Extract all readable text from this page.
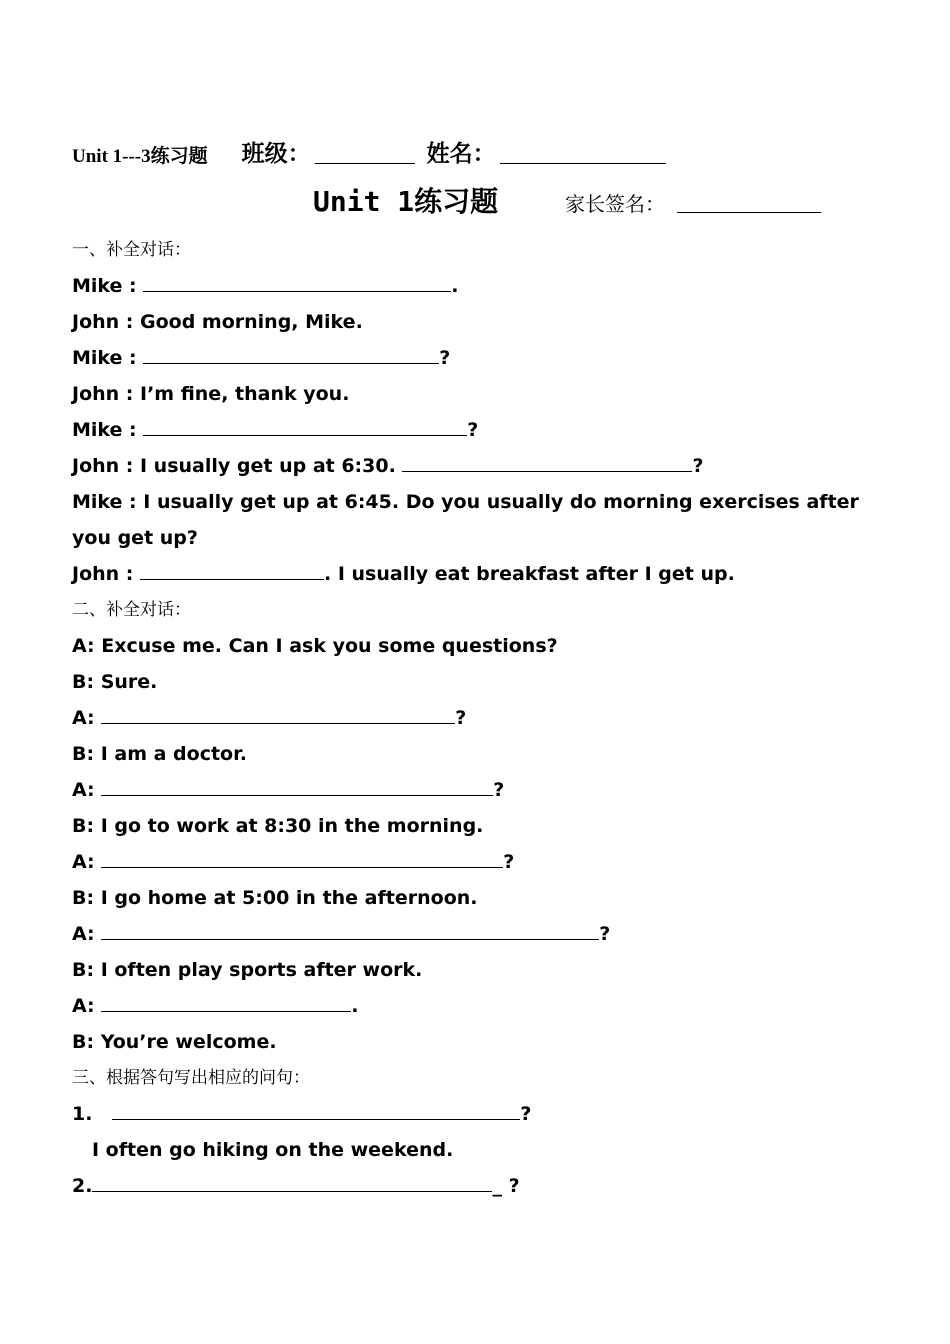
Unit 1---3练习题 班级：	姓名：
Unit 1练习题	家长签名：
一、补全对话：
Mike :	.
John : Good morning, Mike.
Mike :	?
John : I’m fine, thank you.
Mike :	?
John : I usually get up at 6:30.	?
Mike : I usually get up at 6:45. Do you usually do morning exercises after you get up?
John :	. I usually eat breakfast after I get up.
二、补全对话：
A: Excuse me. Can I ask you some questions?
B: Sure.
A:	?
B: I am a doctor.
A:	?
B: I go to work at 8:30 in the morning.
A:	?
B: I go home at 5:00 in the afternoon.
A:	?
B: I often play sports after work.
A:	.
B: You’re welcome.
三、根据答句写出相应的问句：
1.	?
I often go hiking on the weekend.
2.	_ ?
